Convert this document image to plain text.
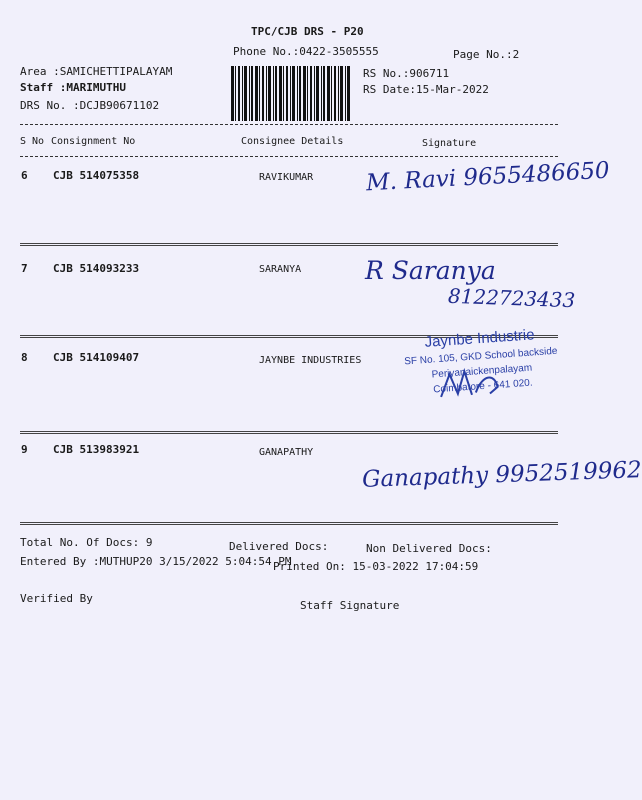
TPC/CJB DRS - P20
Phone No.:0422-3505555	Page No.:2
Area :SAMICHETTIPALAYAM
Staff :MARIMUTHU
DRS No. :DCJB90671102
RS No.:906711
RS Date:15-Mar-2022
S No Consignment No	Consignee Details	Signature
6 CJB 514075358	RAVIKUMAR M. Ravi 9655486650
7 CJB 514093233	SARANYA	R Saranya
8122723433
8 CJB 514109407	JAYNBE INDUSTRIES
Jaynbe Industrie
SF No. 105, GKD School backside
Periyanaickenpalayam
Coimbatore - 641 020.
9 CJB 513983921	GANAPATHY
Ganapathy 9952519962
Total No. Of Docs: 9	Delivered Docs:	Non Delivered Docs:
Entered By :MUTHUP20 3/15/2022 5:04:54 PM
Printed On: 15-03-2022 17:04:59
Verified By
Staff Signature
